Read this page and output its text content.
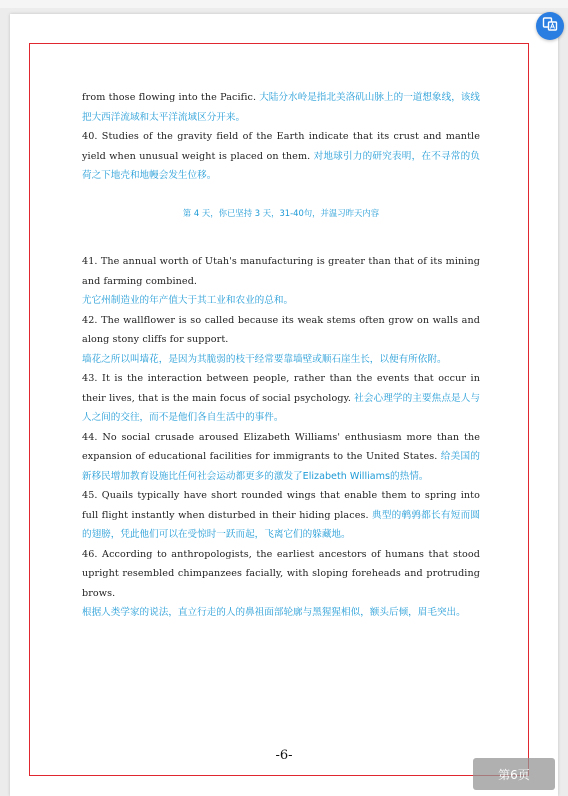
from those flowing into the Pacific. 大陆分水岭是指北美洛矶山脉上的一道想象线，该线把大西洋流域和太平洋流域区分开来。

40. Studies of the gravity field of the Earth indicate that its crust and mantle yield when unusual weight is placed on them. 对地球引力的研究表明，在不寻常的负荷之下地壳和地幔会发生位移。

第 4 天，你已坚持 3 天，31-40句，并温习昨天内容

41. The annual worth of Utah's manufacturing is greater than that of its mining and farming combined.

尤它州制造业的年产值大于其工业和农业的总和。

42. The wallflower is so called because its weak stems often grow on walls and along stony cliffs for support.

墙花之所以叫墙花，是因为其脆弱的枝干经常要靠墙壁或顺石崖生长，以便有所依附。

43. It is the interaction between people, rather than the events that occur in their lives, that is the main focus of social psychology. 社会心理学的主要焦点是人与人之间的交往，而不是他们各自生活中的事件。

44. No social crusade aroused Elizabeth Williams' enthusiasm more than the expansion of educational facilities for immigrants to the United States. 给美国的新移民增加教育设施比任何社会运动都更多的激发了Elizabeth Williams的热情。

45. Quails typically have short rounded wings that enable them to spring into full flight instantly when disturbed in their hiding places. 典型的鹌鹑都长有短而圆的翅膀，凭此他们可以在受惊时一跃而起，飞离它们的躲藏地。

46. According to anthropologists, the earliest ancestors of humans that stood upright resembled chimpanzees facially, with sloping foreheads and protruding brows.

根据人类学家的说法，直立行走的人的鼻祖面部轮廓与黑猩猩相似，额头后倾，眉毛突出。

-6-
第6页
